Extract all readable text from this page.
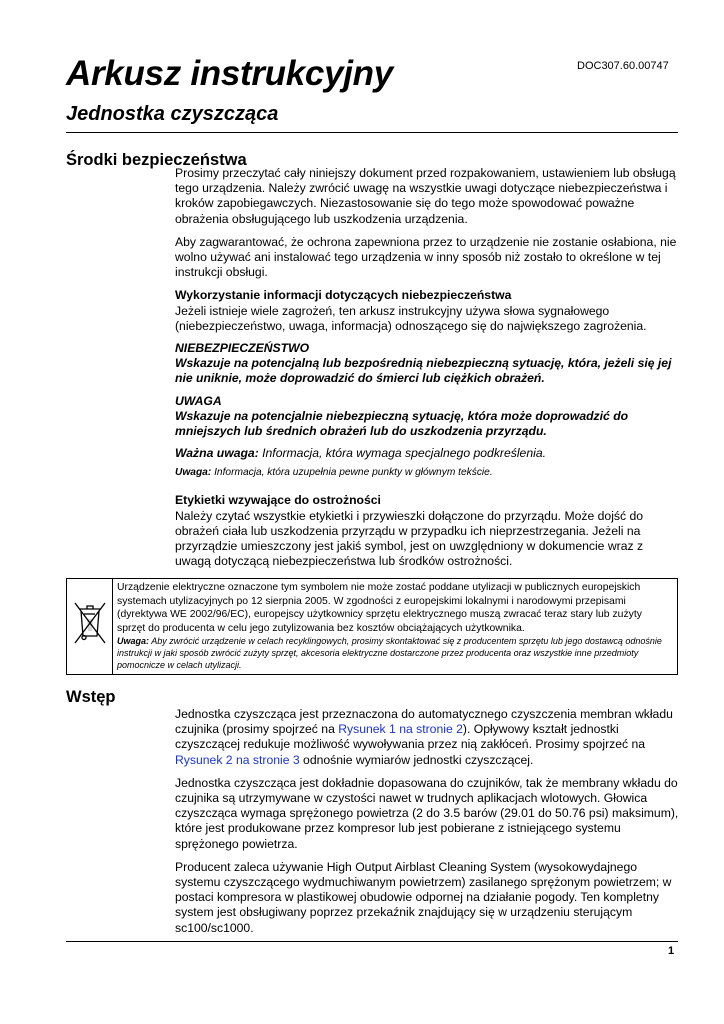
DOC307.60.00747
Arkusz instrukcyjny
Jednostka czyszcząca
Środki bezpieczeństwa

Prosimy przeczytać cały niniejszy dokument przed rozpakowaniem, ustawieniem lub obsługą tego urządzenia. Należy zwrócić uwagę na wszystkie uwagi dotyczące niebezpieczeństwa i kroków zapobiegawczych. Niezastosowanie się do tego może spowodować poważne obrażenia obsługującego lub uszkodzenia urządzenia.

Aby zagwarantować, że ochrona zapewniona przez to urządzenie nie zostanie osłabiona, nie wolno używać ani instalować tego urządzenia w inny sposób niż zostało to określone w tej instrukcji obsługi.

Wykorzystanie informacji dotyczących niebezpieczeństwa

Jeżeli istnieje wiele zagrożeń, ten arkusz instrukcyjny używa słowa sygnałowego (niebezpieczeństwo, uwaga, informacja) odnoszącego się do największego zagrożenia.

NIEBEZPIECZEŃSTWO

Wskazuje na potencjalną lub bezpośrednią niebezpieczną sytuację, która, jeżeli się jej nie uniknie, może doprowadzić do śmierci lub ciężkich obrażeń.

UWAGA

Wskazuje na potencjalnie niebezpieczną sytuację, która może doprowadzić do mniejszych lub średnich obrażeń lub do uszkodzenia przyrządu.

Ważna uwaga: Informacja, która wymaga specjalnego podkreślenia.

Uwaga: Informacja, która uzupełnia pewne punkty w głównym tekście.

Etykietki wzywające do ostrożności

Należy czytać wszystkie etykietki i przywieszki dołączone do przyrządu. Może dojść do obrażeń ciała lub uszkodzenia przyrządu w przypadku ich nieprzestrzegania. Jeżeli na przyrządzie umieszczony jest jakiś symbol, jest on uwzględniony w dokumencie wraz z uwagą dotyczącą niebezpieczeństwa lub środków ostrożności.

Urządzenie elektryczne oznaczone tym symbolem nie może zostać poddane utylizacji w publicznych europejskich systemach utylizacyjnych po 12 sierpnia 2005. W zgodności z europejskimi lokalnymi i narodowymi przepisami (dyrektywa WE 2002/96/EC), europejscy użytkownicy sprzętu elektrycznego muszą zwracać teraz stary lub zużyty sprzęt do producenta w celu jego zutylizowania bez kosztów obciążających użytkownika.
Uwaga: Aby zwrócić urządzenie w celach recyklingowych, prosimy skontaktować się z producentem sprzętu lub jego dostawcą odnośnie instrukcji w jaki sposób zwrócić zużyty sprzęt, akcesoria elektryczne dostarczone przez producenta oraz wszystkie inne przedmioty pomocnicze w celach utylizacji.
Wstęp

Jednostka czyszcząca jest przeznaczona do automatycznego czyszczenia membran wkładu czujnika (prosimy spojrzeć na Rysunek 1 na stronie 2). Opływowy kształt jednostki czyszczącej redukuje możliwość wywoływania przez nią zakłóceń. Prosimy spojrzeć na Rysunek 2 na stronie 3 odnośnie wymiarów jednostki czyszczącej.

Jednostka czyszcząca jest dokładnie dopasowana do czujników, tak że membrany wkładu do czujnika są utrzymywane w czystości nawet w trudnych aplikacjach wlotowych. Głowica czyszcząca wymaga sprężonego powietrza (2 do 3.5 barów (29.01 do 50.76 psi) maksimum), które jest produkowane przez kompresor lub jest pobierane z istniejącego systemu sprężonego powietrza.

Producent zaleca używanie High Output Airblast Cleaning System (wysokowydajnego systemu czyszczącego wydmuchiwanym powietrzem) zasilanego sprężonym powietrzem; w postaci kompresora w plastikowej obudowie odpornej na działanie pogody. Ten kompletny system jest obsługiwany poprzez przekaźnik znajdujący się w urządzeniu sterującym sc100/sc1000.

1
